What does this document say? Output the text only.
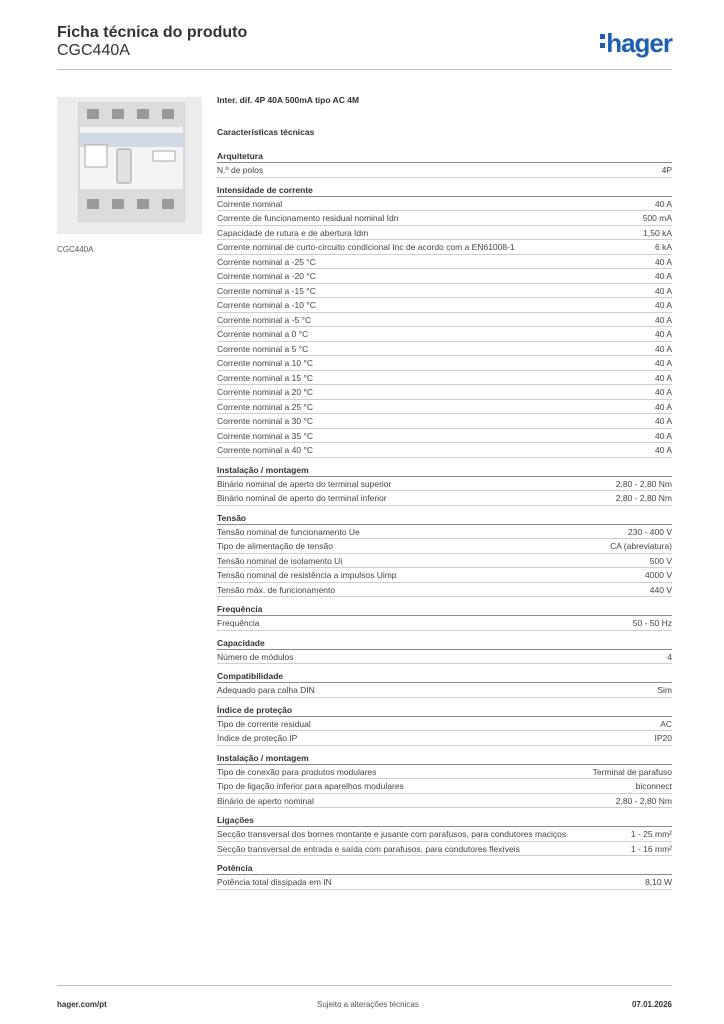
Ficha técnica do produto
CGC440A	hager
CGC440A
Inter. dif. 4P 40A 500mA tipo AC 4M
Características técnicas
Arquitetura
N.º de polos	4P
Intensidade de corrente
Corrente nominal	40 A
Corrente de funcionamento residual nominal Idn	500 mA
Capacidade de rutura e de abertura Idm	1,50 kA
Corrente nominal de curto-circuito condicional Inc de acordo com a EN61008-1	6 kA
Corrente nominal a -25 °C	40 A
Corrente nominal a -20 °C	40 A
Corrente nominal a -15 °C	40 A
Corrente nominal a -10 °C	40 A
Corrente nominal a -5 °C	40 A
Corrente nominal a 0 °C	40 A
Corrente nominal a 5 °C	40 A
Corrente nominal a 10 °C	40 A
Corrente nominal a 15 °C	40 A
Corrente nominal a 20 °C	40 A
Corrente nominal a 25 °C	40 A
Corrente nominal a 30 °C	40 A
Corrente nominal a 35 °C	40 A
Corrente nominal a 40 °C	40 A
Instalação / montagem
Binário nominal de aperto do terminal superior	2,80 - 2,80 Nm
Binário nominal de aperto do terminal inferior	2,80 - 2,80 Nm
Tensão
Tensão nominal de funcionamento Ue	230 - 400 V
Tipo de alimentação de tensão	CA (abreviatura)
Tensão nominal de isolamento Ui	500 V
Tensão nominal de resistência a impulsos Uimp	4000 V
Tensão máx. de funcionamento	440 V
Frequência
Frequência	50 - 50 Hz
Capacidade
Número de módulos	4
Compatibilidade
Adequado para calha DIN	Sim
Índice de proteção
Tipo de corrente residual	AC
Índice de proteção IP	IP20
Instalação / montagem
Tipo de conexão para produtos modulares	Terminal de parafuso
Tipo de ligação inferior para aparelhos modulares	biconnect
Binário de aperto nominal	2,80 - 2,80 Nm
Ligações
Secção transversal dos bornes montante e jusante com parafusos, para condutores maciços	1 - 25 mm²
Secção transversal de entrada e saída com parafusos, para condutores flexíveis	1 - 16 mm²
Potência
Potência total dissipada em IN	8,10 W
hager.com/pt	Sujeito a alterações técnicas	07.01.2026
